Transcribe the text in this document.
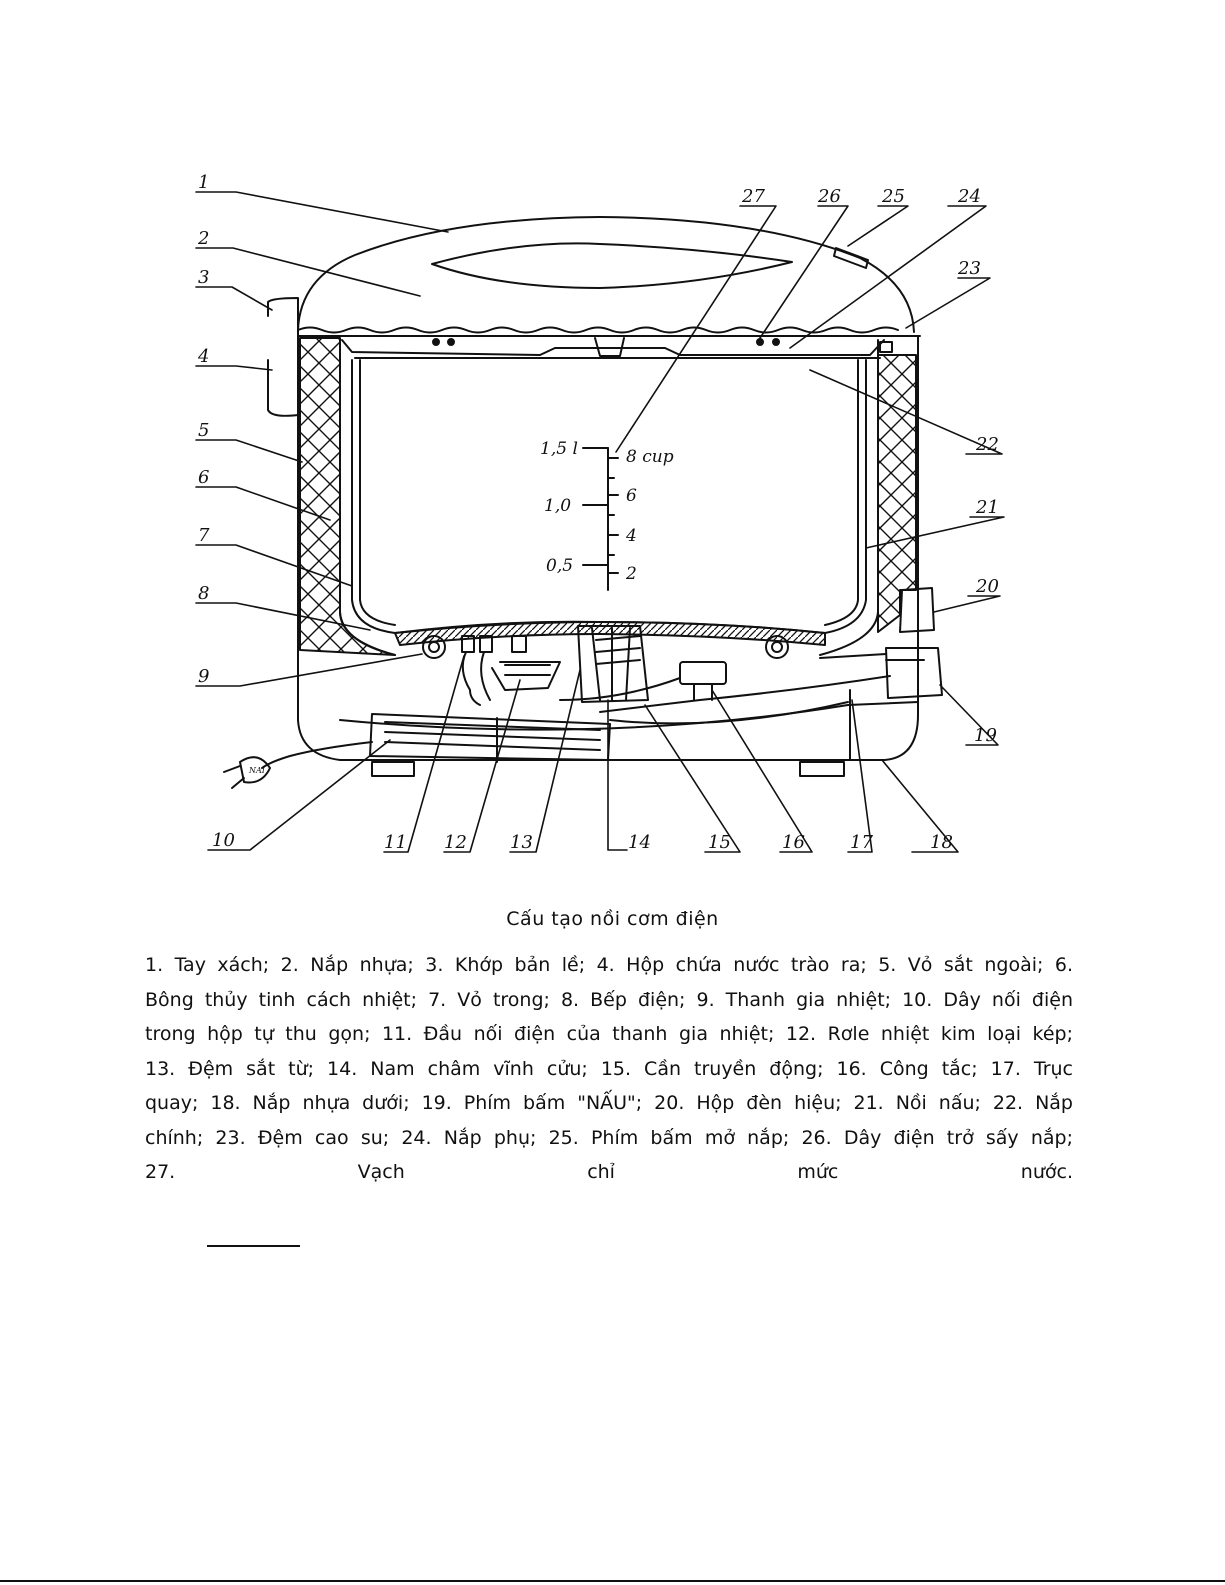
1
2
3
4
5
6
7
8
9
10	11 12 13	14	15	16	17	18
19
20
21
22
23
24
25
26
27
1,5 l
1,0
0,5
8 cup
6
4
2
NAI
Cấu tạo nồi cơm điện
1. Tay xách; 2. Nắp nhựa; 3. Khớp bản lề; 4. Hộp chứa nước trào ra; 5. Vỏ sắt ngoài; 6. Bông thủy tinh cách nhiệt; 7. Vỏ trong; 8. Bếp điện; 9. Thanh gia nhiệt; 10. Dây nối điện trong hộp tự thu gọn; 11. Đầu nối điện của thanh gia nhiệt; 12. Rơle nhiệt kim loại kép; 13. Đệm sắt từ; 14. Nam châm vĩnh cửu; 15. Cần truyền động; 16. Công tắc; 17. Trục quay; 18. Nắp nhựa dưới; 19. Phím bấm "NẤU"; 20. Hộp đèn hiệu; 21. Nồi nấu; 22. Nắp chính; 23. Đệm cao su; 24. Nắp phụ; 25. Phím bấm mở nắp; 26. Dây điện trở sấy nắp; 27. Vạch chỉ mức nước.
